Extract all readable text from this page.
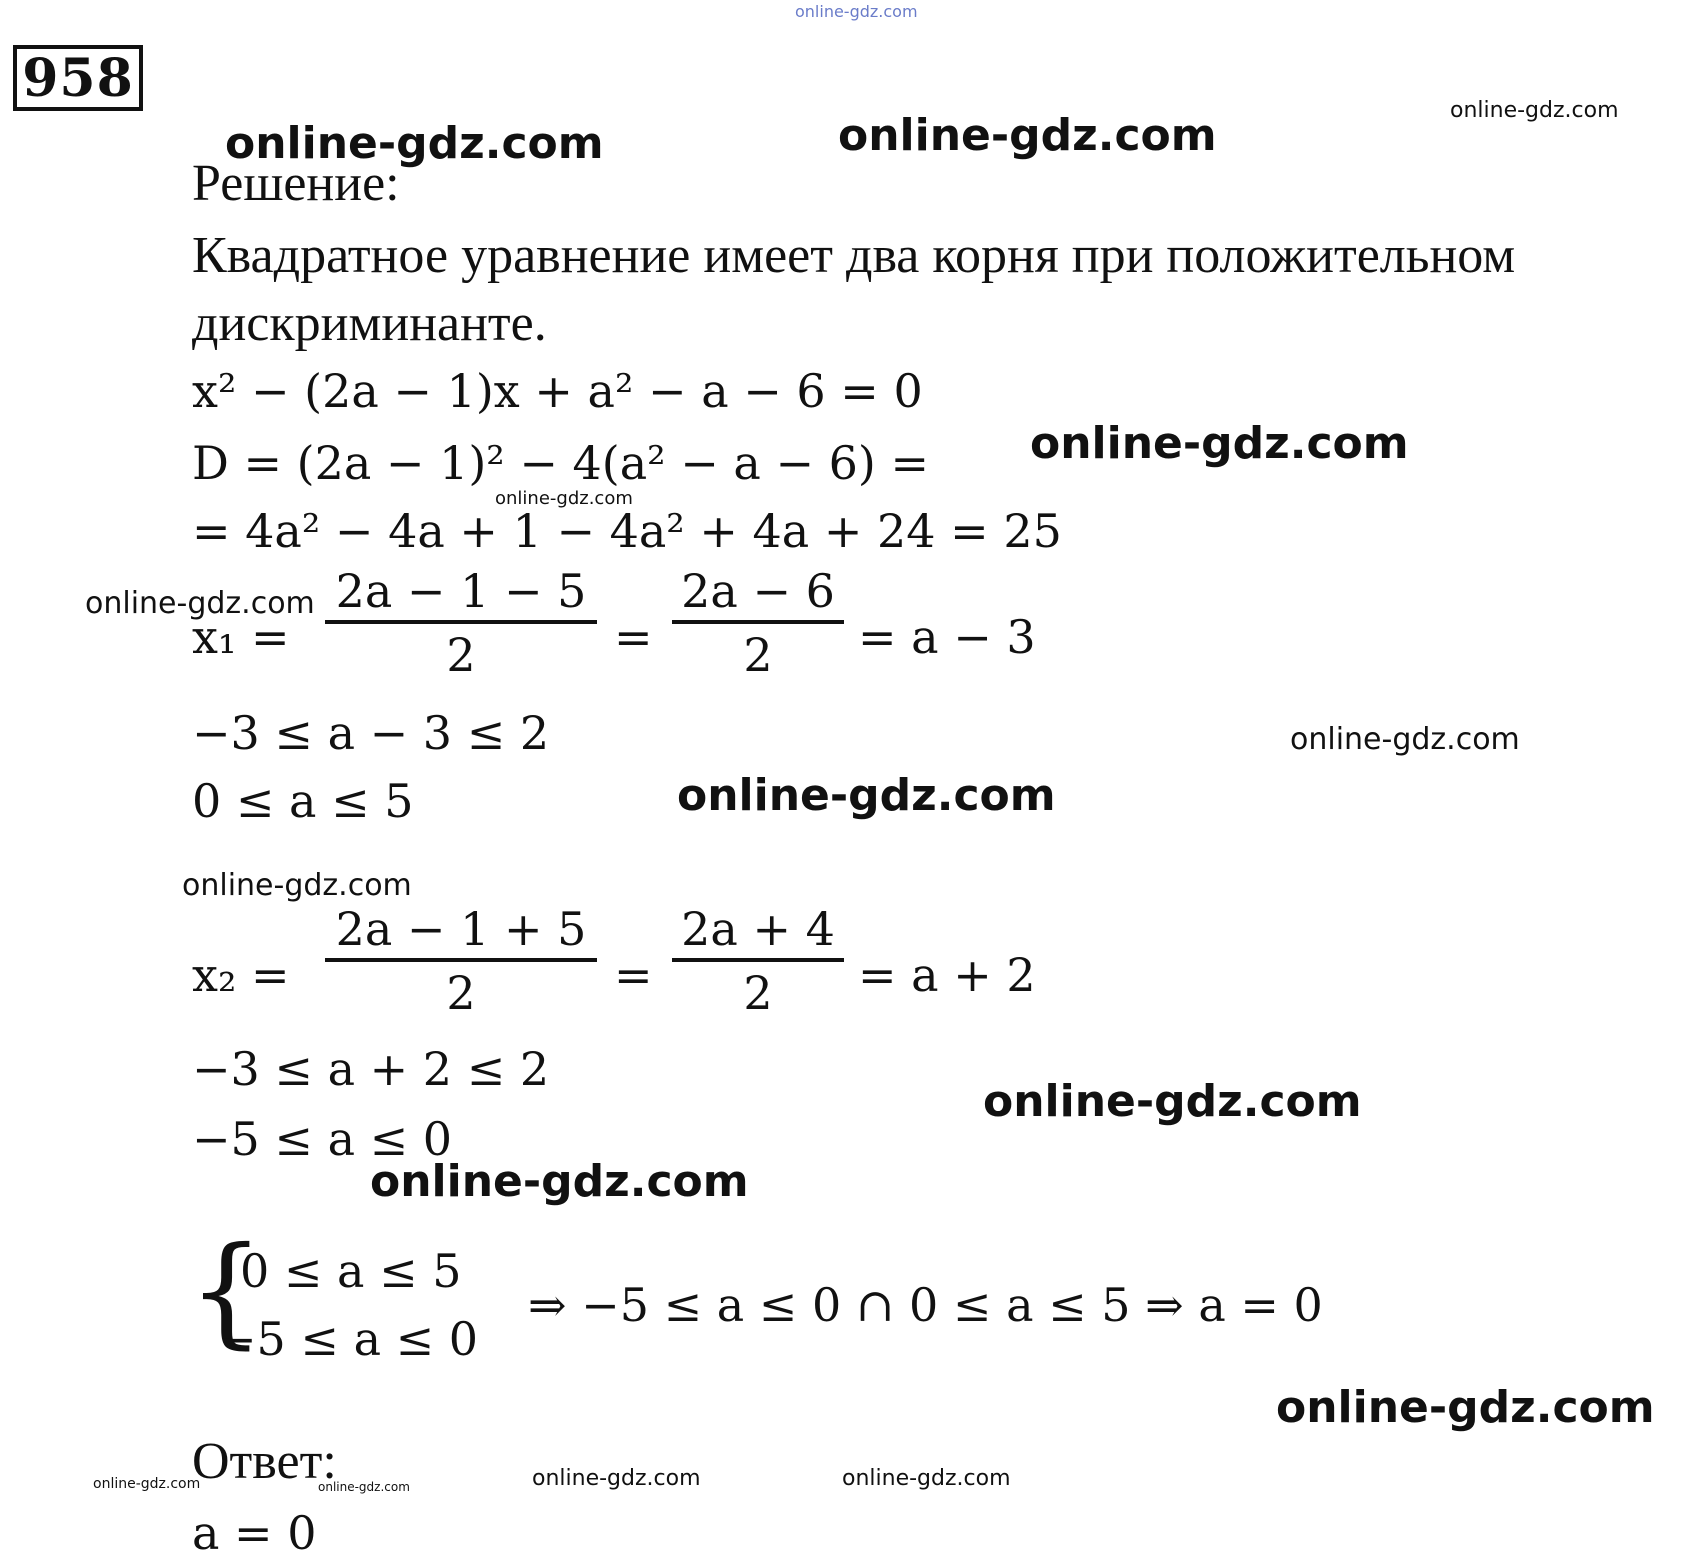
958
Решение:
Квадратное уравнение имеет два корня при положительном
дискриминанте.
x² − (2a − 1)x + a² − a − 6 = 0
D = (2a − 1)² − 4(a² − a − 6) =
= 4a² − 4a + 1 − 4a² + 4a + 24 = 25
x₁ =
2a − 1 − 5
2	=
2a − 6
2	= a − 3
−3 ≤ a − 3 ≤ 2
0 ≤ a ≤ 5
x₂ =
2a − 1 + 5
2	=
2a + 4
2	= a + 2
−3 ≤ a + 2 ≤ 2
−5 ≤ a ≤ 0
{
0 ≤ a ≤ 5
−5 ≤ a ≤ 0
⇒ −5 ≤ a ≤ 0 ∩ 0 ≤ a ≤ 5 ⇒ a = 0
Ответ:
a = 0
online-gdz.com
online-gdz.com	online-gdz.com	online-gdz.com
online-gdz.com
online-gdz.com
online-gdz.com
online-gdz.com
online-gdz.com
online-gdz.com
online-gdz.com
online-gdz.com
online-gdz.com
online-gdz.com	online-gdz.com	online-gdz.com	online-gdz.com
